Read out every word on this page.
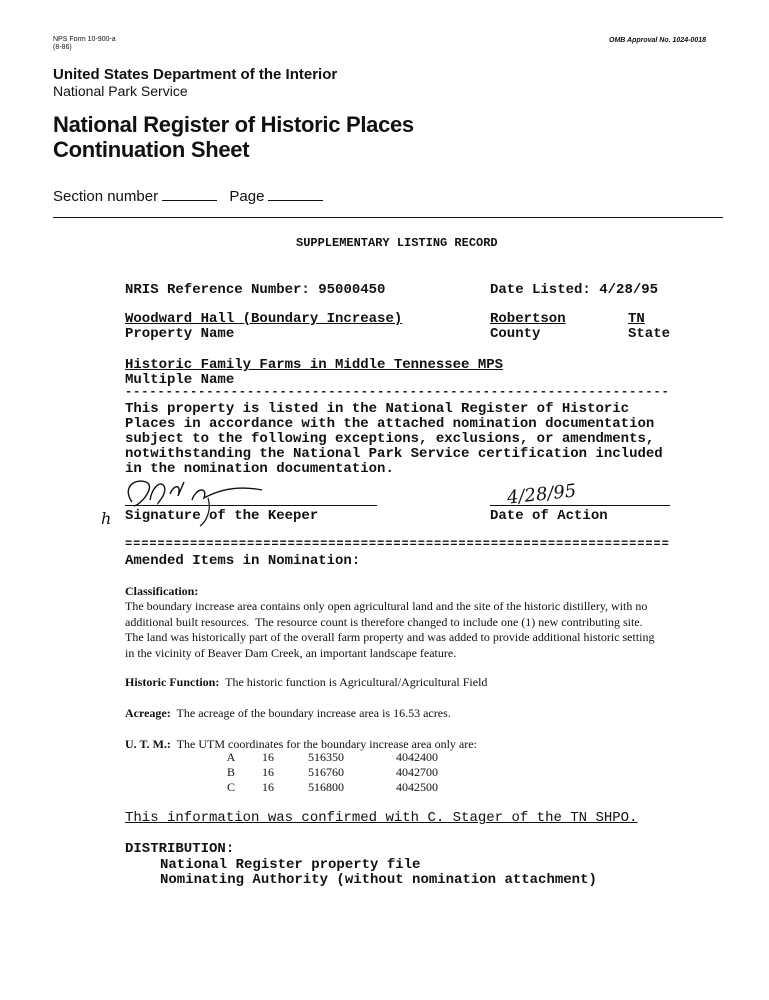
NPS Form 10-900-a
(8-86)
OMB Approval No. 1024-0018
United States Department of the Interior
National Park Service
National Register of Historic Places
Continuation Sheet
Section number	Page
SUPPLEMENTARY LISTING RECORD
NRIS Reference Number: 95000450	Date Listed: 4/28/95
Woodward Hall (Boundary Increase)
Property Name
Robertson
County
TN
State
Historic Family Farms in Middle Tennessee MPS
Multiple Name
-------------------------------------------------------------------
This property is listed in the National Register of Historic
Places in accordance with the attached nomination documentation
subject to the following exceptions, exclusions, or amendments,
notwithstanding the National Park Service certification included
in the nomination documentation.
Signature of the Keeper
h
4/28/95
Date of Action
===================================================================
Amended Items in Nomination:
Classification:
The boundary increase area contains only open agricultural land and the site of the historic distillery, with no
additional built resources.  The resource count is therefore changed to include one (1) new contributing site.
The land was historically part of the overall farm property and was added to provide additional historic setting
in the vicinity of Beaver Dam Creek, an important landscape feature.
Historic Function: The historic function is Agricultural/Agricultural Field
Acreage: The acreage of the boundary increase area is 16.53 acres.
U. T. M.: The UTM coordinates for the boundary increase area only are:
A	16	516350	4042400
B	16	516760	4042700
C	16	516800	4042500
This information was confirmed with C. Stager of the TN SHPO.
DISTRIBUTION:
National Register property file
Nominating Authority (without nomination attachment)
